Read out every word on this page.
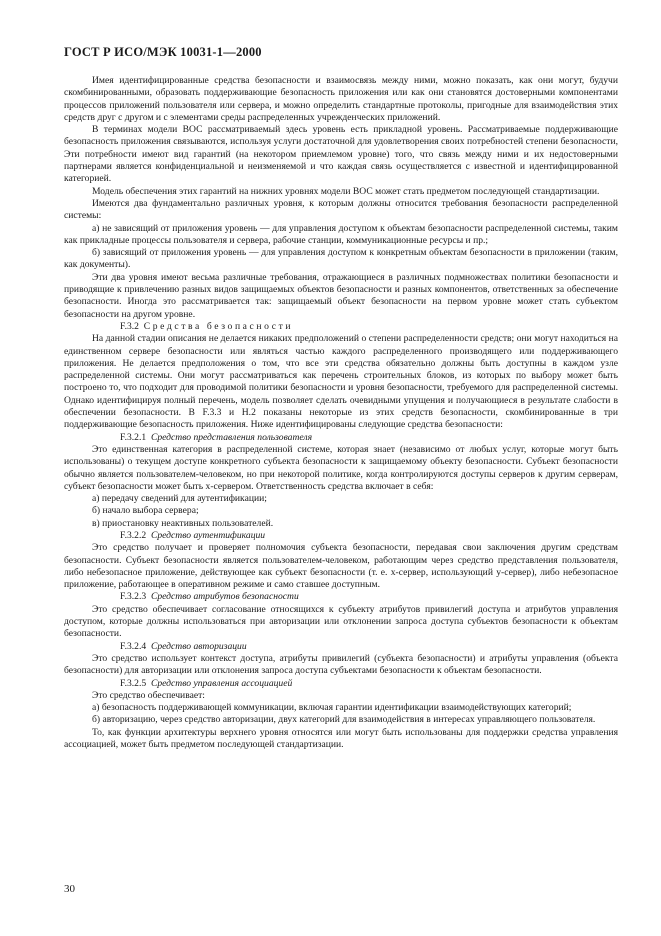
ГОСТ Р ИСО/МЭК 10031-1—2000

Имея идентифицированные средства безопасности и взаимосвязь между ними, можно показать, как они могут, будучи скомбинированными, образовать поддерживающие безопасность приложения или как они становятся достоверными компонентами процессов приложений пользователя или сервера, и можно определить стандартные протоколы, пригодные для взаимодействия этих средств друг с другом и с элементами среды распределенных учрежденческих приложений.

В терминах модели ВОС рассматриваемый здесь уровень есть прикладной уровень. Рассматриваемые поддерживающие безопасность приложения связываются, используя услуги достаточной для удовлетворения своих потребностей степени безопасности, Эти потребности имеют вид гарантий (на некотором приемлемом уровне) того, что связь между ними и их недостоверными партнерами является конфиденциальной и неизменяемой и что каждая связь осуществляется с известной и идентифицированной категорией.

Модель обеспечения этих гарантий на нижних уровнях модели ВОС может стать предметом последующей стандартизации.

Имеются два фундаментально различных уровня, к которым должны относится требования безопасности распределенной системы:

а) не зависящий от приложения уровень — для управления доступом к объектам безопасности распределенной системы, таким как прикладные процессы пользователя и сервера, рабочие станции, коммуникационные ресурсы и пр.;

б) зависящий от приложения уровень — для управления доступом к конкретным объектам безопасности в приложении (таким, как документы).

Эти два уровня имеют весьма различные требования, отражающиеся в различных подмножествах политики безопасности и приводящие к привлечению разных видов защищаемых объектов безопасности и разных компонентов, ответственных за обеспечение безопасности. Иногда это рассматривается так: защищаемый объект безопасности на первом уровне может стать субъектом безопасности на другом уровне.

F.3.2 Средства безопасности

На данной стадии описания не делается никаких предположений о степени распределенности средств; они могут находиться на единственном сервере безопасности или являться частью каждого распределенного производящего или поддерживающего приложения. Не делается предположения о том, что все эти средства обязательно должны быть доступны в каждом узле распределенной системы. Они могут рассматриваться как перечень строительных блоков, из которых по выбору может быть построено то, что подходит для проводимой политики безопасности и уровня безопасности, требуемого для распределенной системы. Однако идентифицируя полный перечень, модель позволяет сделать очевидными упущения и получающиеся в результате слабости в обеспечении безопасности. В F.3.3 и Н.2 показаны некоторые из этих средств безопасности, скомбинированные в три поддерживающие безопасность приложения. Ниже идентифицированы следующие средства безопасности:

F.3.2.1 Средство представления пользователя

Это единственная категория в распределенной системе, которая знает (независимо от любых услуг, которые могут быть использованы) о текущем доступе конкретного субъекта безопасности к защищаемому объекту безопасности. Субъект безопасности обычно является пользователем-человеком, но при некоторой политике, когда контролируются доступы серверов к другим серверам, субъект безопасности может быть х-сервером. Ответственность средства включает в себя:

а) передачу сведений для аутентификации;

б) начало выбора сервера;

в) приостановку неактивных пользователей.

F.3.2.2 Средство аутентификации

Это средство получает и проверяет полномочия субъекта безопасности, передавая свои заключения другим средствам безопасности. Субъект безопасности является пользователем-человеком, работающим через средство представления пользователя, либо небезопасное приложение, действующее как субъект безопасности (т. е. х-сервер, использующий у-сервер), либо небезопасное приложение, работающее в оперативном режиме и само ставшее доступным.

F.3.2.3 Средство атрибутов безопасности

Это средство обеспечивает согласование относящихся к субъекту атрибутов привилегий доступа и атрибутов управления доступом, которые должны использоваться при авторизации или отклонении запроса доступа субъектов безопасности к объектам безопасности.

F.3.2.4 Средство авторизации

Это средство использует контекст доступа, атрибуты привилегий (субъекта безопасности) и атрибуты управления (объекта безопасности) для авторизации или отклонения запроса доступа субъектами безопасности к объектам безопасности.

F.3.2.5 Средство управления ассоциацией

Это средство обеспечивает:

а) безопасность поддерживающей коммуникации, включая гарантии идентификации взаимодействующих категорий;

б) авторизацию, через средство авторизации, двух категорий для взаимодействия в интересах управляющего пользователя.

То, как функции архитектуры верхнего уровня относятся или могут быть использованы для поддержки средства управления ассоциацией, может быть предметом последующей стандартизации.

30
